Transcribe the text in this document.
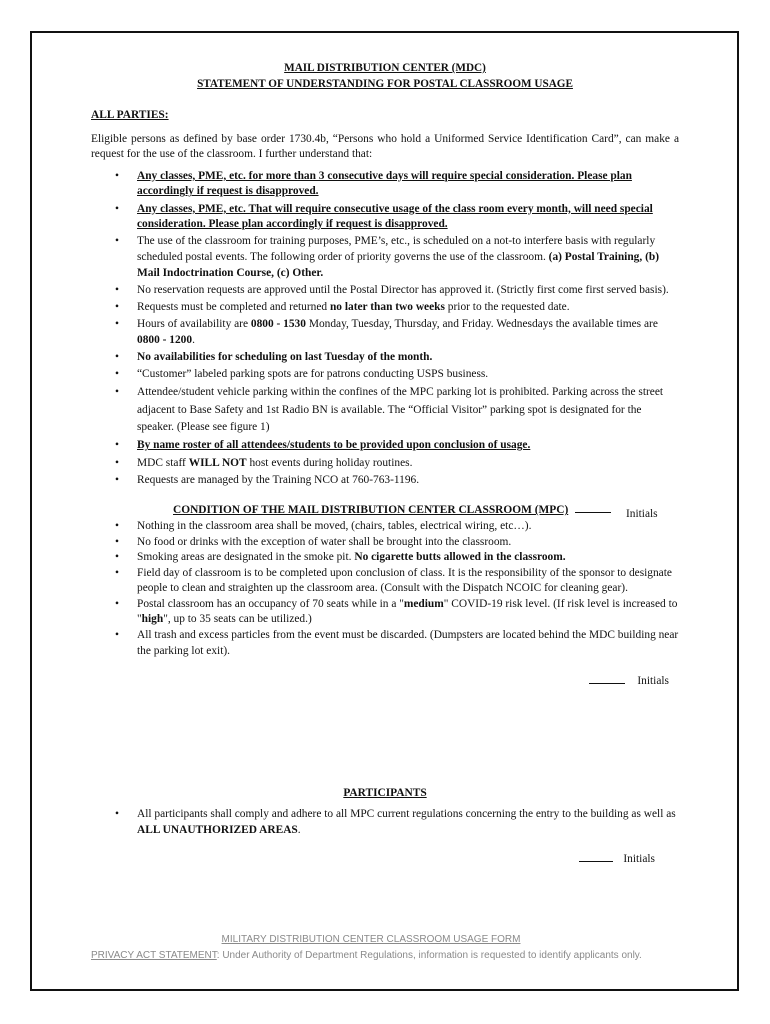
MAIL DISTRIBUTION CENTER (MDC)
STATEMENT OF UNDERSTANDING FOR POSTAL CLASSROOM USAGE
ALL PARTIES:

Eligible persons as defined by base order 1730.4b, “Persons who hold a Uniformed Service Identification Card”, can make a request for the use of the classroom. I further understand that:

• Any classes, PME, etc. for more than 3 consecutive days will require special consideration. Please plan accordingly if request is disapproved.
• Any classes, PME, etc. That will require consecutive usage of the class room every month, will need special consideration. Please plan accordingly if request is disapproved.
• The use of the classroom for training purposes, PME’s, etc., is scheduled on a not-to interfere basis with regularly scheduled postal events. The following order of priority governs the use of the classroom. (a) Postal Training, (b) Mail Indoctrination Course, (c) Other.
• No reservation requests are approved until the Postal Director has approved it. (Strictly first come first served basis).
• Requests must be completed and returned no later than two weeks prior to the requested date.
• Hours of availability are 0800 - 1530 Monday, Tuesday, Thursday, and Friday. Wednesdays the available times are 0800 - 1200.
• No availabilities for scheduling on last Tuesday of the month.
• “Customer” labeled parking spots are for patrons conducting USPS business.
• Attendee/student vehicle parking within the confines of the MPC parking lot is prohibited. Parking across the street adjacent to Base Safety and 1st Radio BN is available. The “Official Visitor” parking spot is designated for the speaker. (Please see figure 1)
• By name roster of all attendees/students to be provided upon conclusion of usage.
• MDC staff WILL NOT host events during holiday routines.
• Requests are managed by the Training NCO at 760-763-1196.
CONDITION OF THE MAIL DISTRIBUTION CENTER CLASSROOM (MPC)	Initials
• Nothing in the classroom area shall be moved, (chairs, tables, electrical wiring, etc…).
• No food or drinks with the exception of water shall be brought into the classroom.
• Smoking areas are designated in the smoke pit. No cigarette butts allowed in the classroom.
• Field day of classroom is to be completed upon conclusion of class. It is the responsibility of the sponsor to designate people to clean and straighten up the classroom area. (Consult with the Dispatch NCOIC for cleaning gear).
• Postal classroom has an occupancy of 70 seats while in a "medium" COVID-19 risk level. (If risk level is increased to "high", up to 35 seats can be utilized.)
• All trash and excess particles from the event must be discarded. (Dumpsters are located behind the MDC building near the parking lot exit).
Initials
PARTICIPANTS
• All participants shall comply and adhere to all MPC current regulations concerning the entry to the building as well as ALL UNAUTHORIZED AREAS.
Initials
MILITARY DISTRIBUTION CENTER CLASSROOM USAGE FORM
PRIVACY ACT STATEMENT: Under Authority of Department Regulations, information is requested to identify applicants only.
